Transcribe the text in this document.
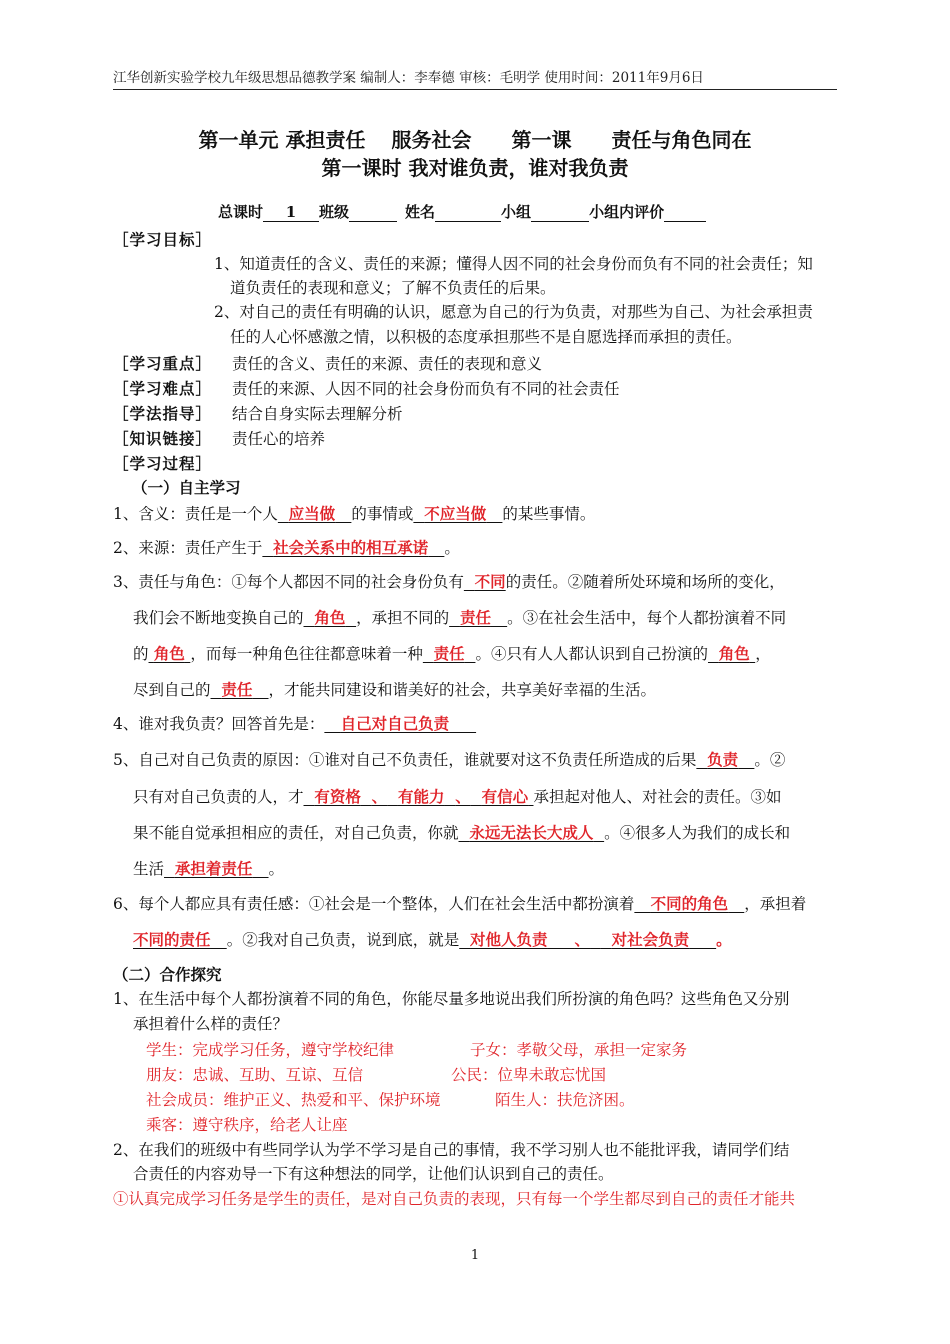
江华创新实验学校九年级思想品德教学案 编制人：李奉德 审核：毛明学 使用时间：2011年9月6日
第一单元 承担责任 服务社会 第一课 责任与角色同在
第一课时 我对谁负责，谁对我负责
总课时 1 班级	姓名	小组	小组内评价
［学习目标］
1、知道责任的含义、责任的来源；懂得人因不同的社会身份而负有不同的社会责任；知
道负责任的表现和意义；了解不负责任的后果。
2、对自己的责任有明确的认识，愿意为自己的行为负责，对那些为自己、为社会承担责
任的人心怀感激之情，以积极的态度承担那些不是自愿选择而承担的责任。
［学习重点］ 责任的含义、责任的来源、责任的表现和意义
［学习难点］ 责任的来源、人因不同的社会身份而负有不同的社会责任
［学法指导］ 结合自身实际去理解分析
［知识链接］ 责任心的培养
［学习过程］
（一）自主学习
1、含义：责任是一个人 应当做 的事情或 不应当做 的某些事情。
2、来源：责任产生于 社会关系中的相互承诺 。
3、责任与角色：①每个人都因不同的社会身份负有 不同的责任。②随着所处环境和场所的变化，
我们会不断地变换自己的 角色 ，承担不同的 责任 。③在社会生活中，每个人都扮演着不同
的 角色 ，而每一种角色往往都意味着一种 责任 。④只有人人都认识到自己扮演的 角色 ，
尽到自己的 责任 ，才能共同建设和谐美好的社会，共享美好幸福的生活。
4、谁对我负责？回答首先是： 自己对自己负责
5、自己对自己负责的原因：①谁对自己不负责任，谁就要对这不负责任所造成的后果 负责 。②
只有对自己负责的人，才 有资格 、 有能力 、 有信心 承担起对他人、对社会的责任。③如
果不能自觉承担相应的责任，对自己负责，你就 永远无法长大成人 。④很多人为我们的成长和
生活 承担着责任 。
6、每个人都应具有责任感：①社会是一个整体，人们在社会生活中都扮演着 不同的角色 ，承担着
不同的责任 。②我对自己负责，说到底，就是 对他人负责 、 对社会负责 。
（二）合作探究
1、在生活中每个人都扮演着不同的角色，你能尽量多地说出我们所扮演的角色吗？这些角色又分别
承担着什么样的责任？
学生：完成学习任务，遵守学校纪律	子女：孝敬父母，承担一定家务
朋友：忠诚、互助、互谅、互信	公民：位卑未敢忘忧国
社会成员：维护正义、热爱和平、保护环境	陌生人：扶危济困。
乘客：遵守秩序，给老人让座
2、在我们的班级中有些同学认为学不学习是自己的事情，我不学习别人也不能批评我，请同学们结
合责任的内容劝导一下有这种想法的同学，让他们认识到自己的责任。
①认真完成学习任务是学生的责任，是对自己负责的表现，只有每一个学生都尽到自己的责任才能共
1
